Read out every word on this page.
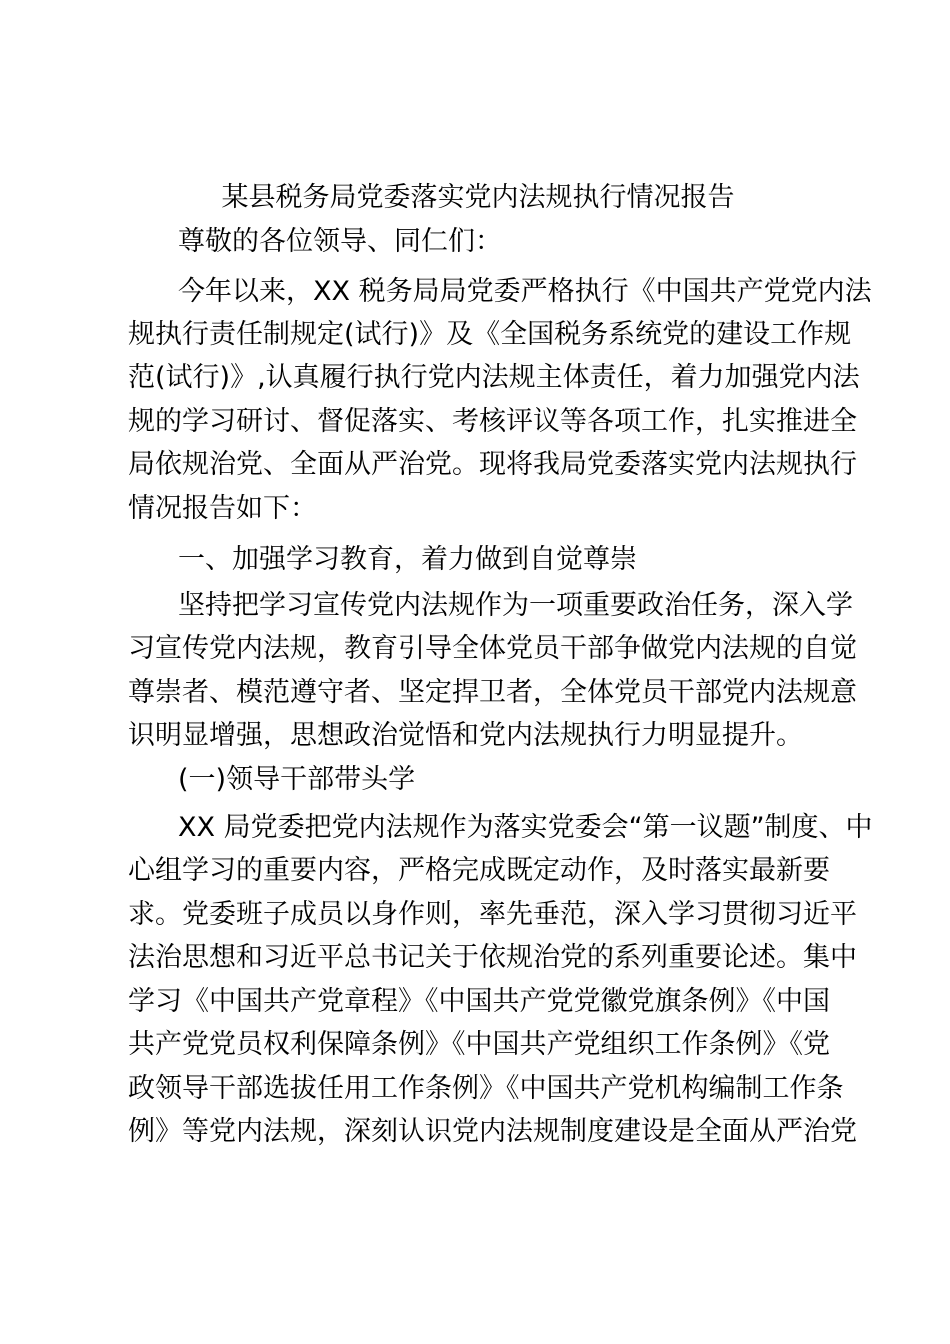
某县税务局党委落实党内法规执行情况报告

尊敬的各位领导、同仁们：

今年以来，XX 税务局局党委严格执行《中国共产党党内法

规执行责任制规定(试行)》及《全国税务系统党的建设工作规

范(试行)》,认真履行执行党内法规主体责任，着力加强党内法

规的学习研讨、督促落实、考核评议等各项工作，扎实推进全

局依规治党、全面从严治党。现将我局党委落实党内法规执行

情况报告如下：

一、加强学习教育，着力做到自觉尊崇

坚持把学习宣传党内法规作为一项重要政治任务，深入学

习宣传党内法规，教育引导全体党员干部争做党内法规的自觉

尊崇者、模范遵守者、坚定捍卫者，全体党员干部党内法规意

识明显增强，思想政治觉悟和党内法规执行力明显提升。

(一)领导干部带头学

XX 局党委把党内法规作为落实党委会“第一议题”制度、中

心组学习的重要内容，严格完成既定动作，及时落实最新要

求。党委班子成员以身作则，率先垂范，深入学习贯彻习近平

法治思想和习近平总书记关于依规治党的系列重要论述。集中

学习《中国共产党章程》《中国共产党党徽党旗条例》《中国

共产党党员权利保障条例》《中国共产党组织工作条例》《党

政领导干部选拔任用工作条例》《中国共产党机构编制工作条

例》等党内法规，深刻认识党内法规制度建设是全面从严治党
